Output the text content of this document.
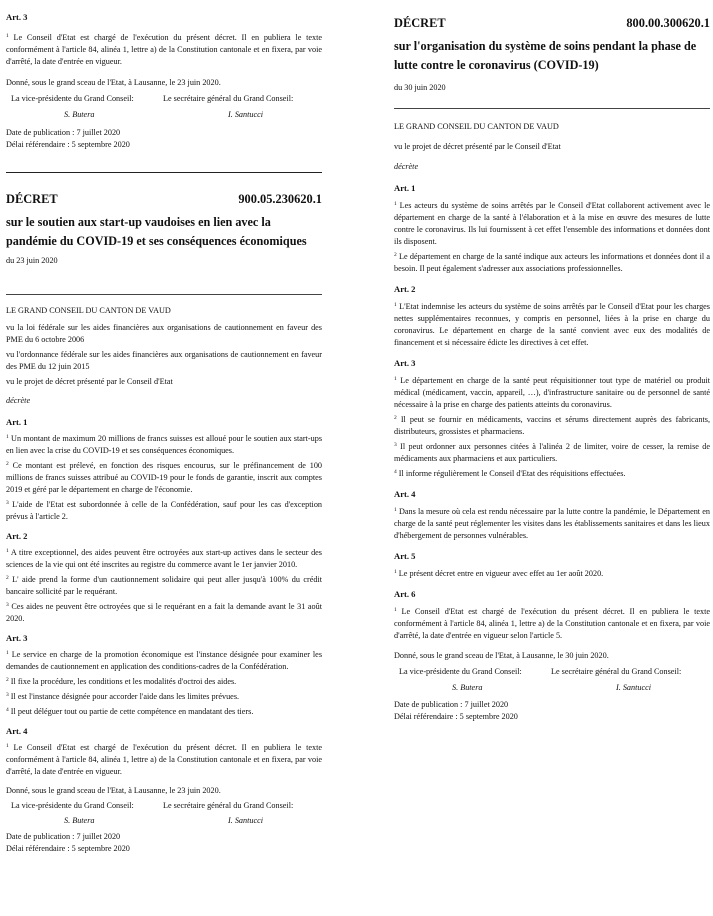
Art. 3

$^1$ Le Conseil d'Etat est chargé de l'exécution du présent décret. Il en publiera le texte conformément à l'article 84, alinéa 1, lettre a) de la Constitution cantonale et en fixera, par voie d'arrêté, la date d'entrée en vigueur.

Donné, sous le grand sceau de l'Etat, à Lausanne, le 23 juin 2020.

La vice-présidente du Grand Conseil:	Le secrétaire général du Grand Conseil:
S. Butera	I. Santucci

Date de publication : 7 juillet 2020

Délai référendaire : 5 septembre 2020

DÉCRET	900.05.230620.1

sur le soutien aux start-up vaudoises en lien avec la pandémie du COVID-19 et ses conséquences économiques

du 23 juin 2020

LE GRAND CONSEIL DU CANTON DE VAUD

vu la loi fédérale sur les aides financières aux organisations de cautionnement en faveur des PME du 6 octobre 2006

vu l'ordonnance fédérale sur les aides financières aux organisations de cautionnement en faveur des PME du 12 juin 2015

vu le projet de décret présenté par le Conseil d'Etat

décrète

Art. 1

$^1$ Un montant de maximum 20 millions de francs suisses est alloué pour le soutien aux start-ups en lien avec la crise du COVID-19 et ses conséquences économiques.

$^2$ Ce montant est prélevé, en fonction des risques encourus, sur le préfinancement de 100 millions de francs suisses attribué au COVID-19 pour le fonds de garantie, inscrit aux comptes 2019 et géré par le département en charge de l'économie.

$^3$ L'aide de l'Etat est subordonnée à celle de la Confédération, sauf pour les cas d'exception prévus à l'article 2.

Art. 2

$^1$ A titre exceptionnel, des aides peuvent être octroyées aux start-up actives dans le secteur des sciences de la vie qui ont été inscrites au registre du commerce avant le 1er janvier 2010.

$^2$ L' aide prend la forme d'un cautionnement solidaire qui peut aller jusqu'à 100% du crédit bancaire sollicité par le requérant.

$^3$ Ces aides ne peuvent être octroyées que si le requérant en a fait la demande avant le 31 août 2020.

Art. 3

$^1$ Le service en charge de la promotion économique est l'instance désignée pour examiner les demandes de cautionnement en application des conditions-cadres de la Confédération.

$^2$ Il fixe la procédure, les conditions et les modalités d'octroi des aides.

$^3$ Il est l'instance désignée pour accorder l'aide dans les limites prévues.

$^4$ Il peut déléguer tout ou partie de cette compétence en mandatant des tiers.

Art. 4

$^1$ Le Conseil d'Etat est chargé de l'exécution du présent décret. Il en publiera le texte conformément à l'article 84, alinéa 1, lettre a) de la Constitution cantonale et en fixera, par voie d'arrêté, la date d'entrée en vigueur.

Donné, sous le grand sceau de l'Etat, à Lausanne, le 23 juin 2020.

La vice-présidente du Grand Conseil:	Le secrétaire général du Grand Conseil:
S. Butera	I. Santucci

Date de publication : 7 juillet 2020

Délai référendaire : 5 septembre 2020

DÉCRET	800.00.300620.1

sur l'organisation du système de soins pendant la phase de lutte contre le coronavirus (COVID-19)

du 30 juin 2020

LE GRAND CONSEIL DU CANTON DE VAUD

vu le projet de décret présenté par le Conseil d'Etat

décrète

Art. 1

$^1$ Les acteurs du système de soins arrêtés par le Conseil d'Etat collaborent activement avec le département en charge de la santé à l'élaboration et à la mise en œuvre des mesures de lutte contre le coronavirus. Ils lui fournissent à cet effet l'ensemble des informations et données dont ils disposent.

$^2$ Le département en charge de la santé indique aux acteurs les informations et données dont il a besoin. Il peut également s'adresser aux associations professionnelles.

Art. 2

$^1$ L'Etat indemnise les acteurs du système de soins arrêtés par le Conseil d'Etat pour les charges nettes supplémentaires reconnues, y compris en personnel, liées à la prise en charge du coronavirus. Le département en charge de la santé convient avec eux des modalités de financement et si nécessaire édicte les directives à cet effet.

Art. 3

$^1$ Le département en charge de la santé peut réquisitionner tout type de matériel ou produit médical (médicament, vaccin, appareil, …), d'infrastructure sanitaire ou de personnel de santé nécessaire à la prise en charge des patients atteints du coronavirus.

$^2$ Il peut se fournir en médicaments, vaccins et sérums directement auprès des fabricants, distributeurs, grossistes et pharmaciens.

$^3$ Il peut ordonner aux personnes citées à l'alinéa 2 de limiter, voire de cesser, la remise de médicaments aux pharmaciens et aux particuliers.

$^4$ Il informe régulièrement le Conseil d'Etat des réquisitions effectuées.

Art. 4

$^1$ Dans la mesure où cela est rendu nécessaire par la lutte contre la pandémie, le Département en charge de la santé peut réglementer les visites dans les établissements sanitaires et dans les lieux d'hébergement de personnes vulnérables.

Art. 5

$^1$ Le présent décret entre en vigueur avec effet au 1er août 2020.

Art. 6

$^1$ Le Conseil d'Etat est chargé de l'exécution du présent décret. Il en publiera le texte conformément à l'article 84, alinéa 1, lettre a) de la Constitution cantonale et en fixera, par voie d'arrêté, la date d'entrée en vigueur selon l'article 5.

Donné, sous le grand sceau de l'Etat, à Lausanne, le 30 juin 2020.

La vice-présidente du Grand Conseil:	Le secrétaire général du Grand Conseil:
S. Butera	I. Santucci

Date de publication : 7 juillet 2020

Délai référendaire : 5 septembre 2020
